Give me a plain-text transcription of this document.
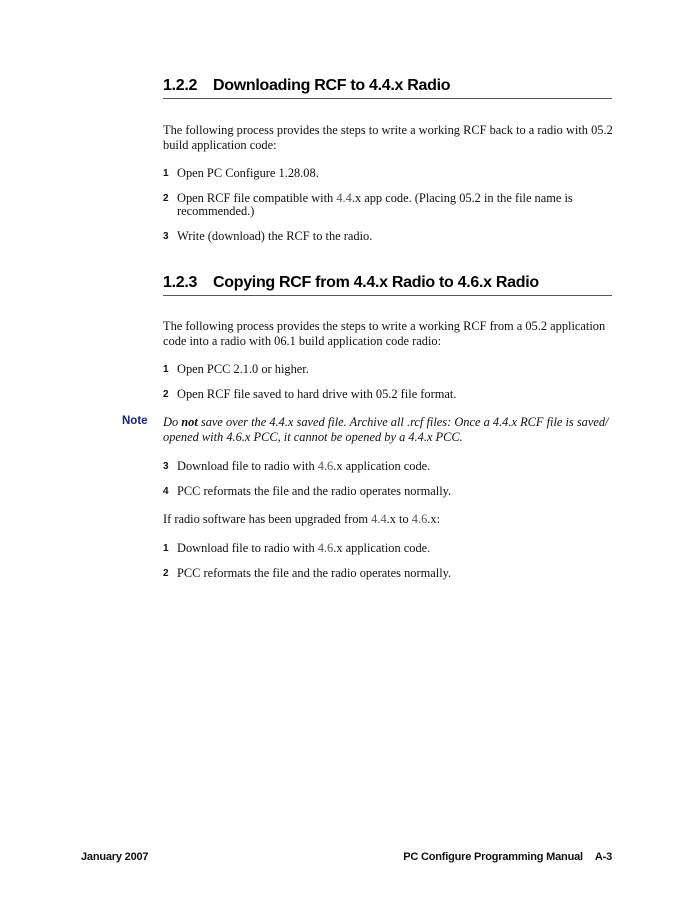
1.2.2 Downloading RCF to 4.4.x Radio
The following process provides the steps to write a working RCF back to a radio with 05.2
build application code:
1 Open PC Configure 1.28.08.
2 Open RCF file compatible with 4.4.x app code. (Placing 05.2 in the file name is
recommended.)
3 Write (download) the RCF to the radio.
1.2.3 Copying RCF from 4.4.x Radio to 4.6.x Radio
The following process provides the steps to write a working RCF from a 05.2 application
code into a radio with 06.1 build application code radio:
1 Open PCC 2.1.0 or higher.
2 Open RCF file saved to hard drive with 05.2 file format.
Note Do not save over the 4.4.x saved file. Archive all .rcf files: Once a 4.4.x RCF file is saved/
opened with 4.6.x PCC, it cannot be opened by a 4.4.x PCC.
3 Download file to radio with 4.6.x application code.
4 PCC reformats the file and the radio operates normally.
If radio software has been upgraded from 4.4.x to 4.6.x:
1 Download file to radio with 4.6.x application code.
2 PCC reformats the file and the radio operates normally.
January 2007	PC Configure Programming Manual A-3
